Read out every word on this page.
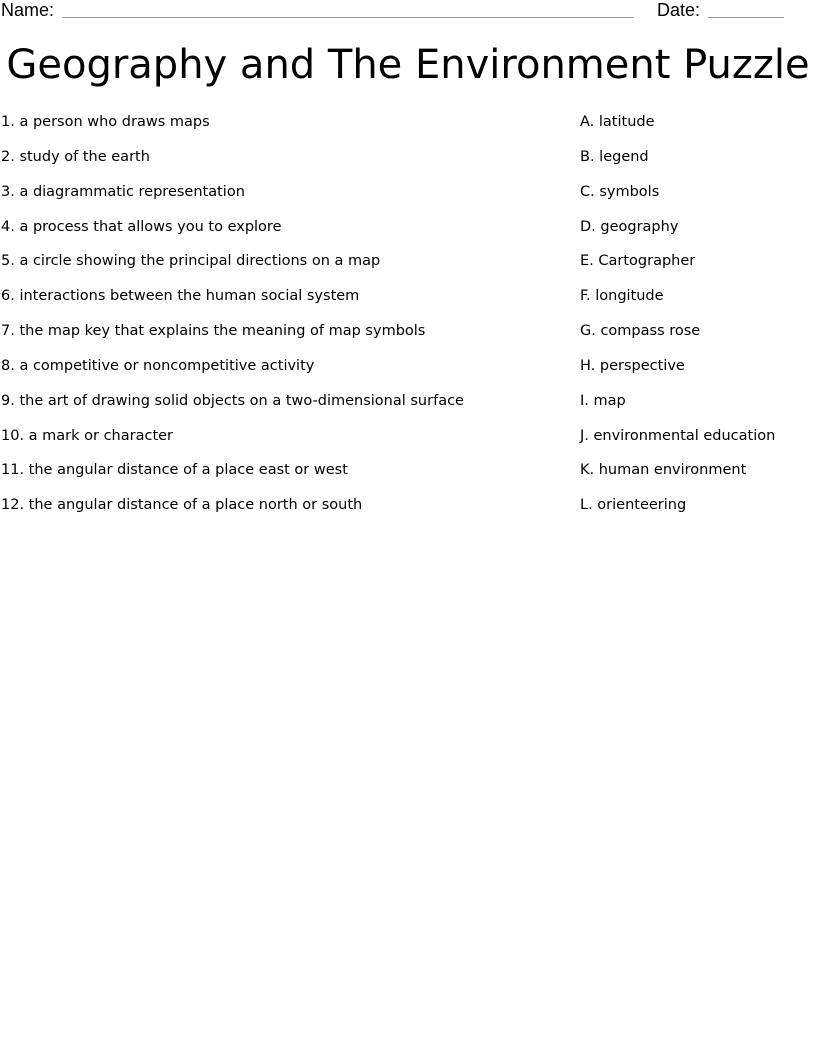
Name:	Date:
Geography and The Environment Puzzle
1. a person who draws maps
2. study of the earth
3. a diagrammatic representation
4. a process that allows you to explore
5. a circle showing the principal directions on a map
6. interactions between the human social system
7. the map key that explains the meaning of map symbols
8. a competitive or noncompetitive activity
9. the art of drawing solid objects on a two-dimensional surface
10. a mark or character
11. the angular distance of a place east or west
12. the angular distance of a place north or south
A. latitude
B. legend
C. symbols
D. geography
E. Cartographer
F. longitude
G. compass rose
H. perspective
I. map
J. environmental education
K. human environment
L. orienteering
